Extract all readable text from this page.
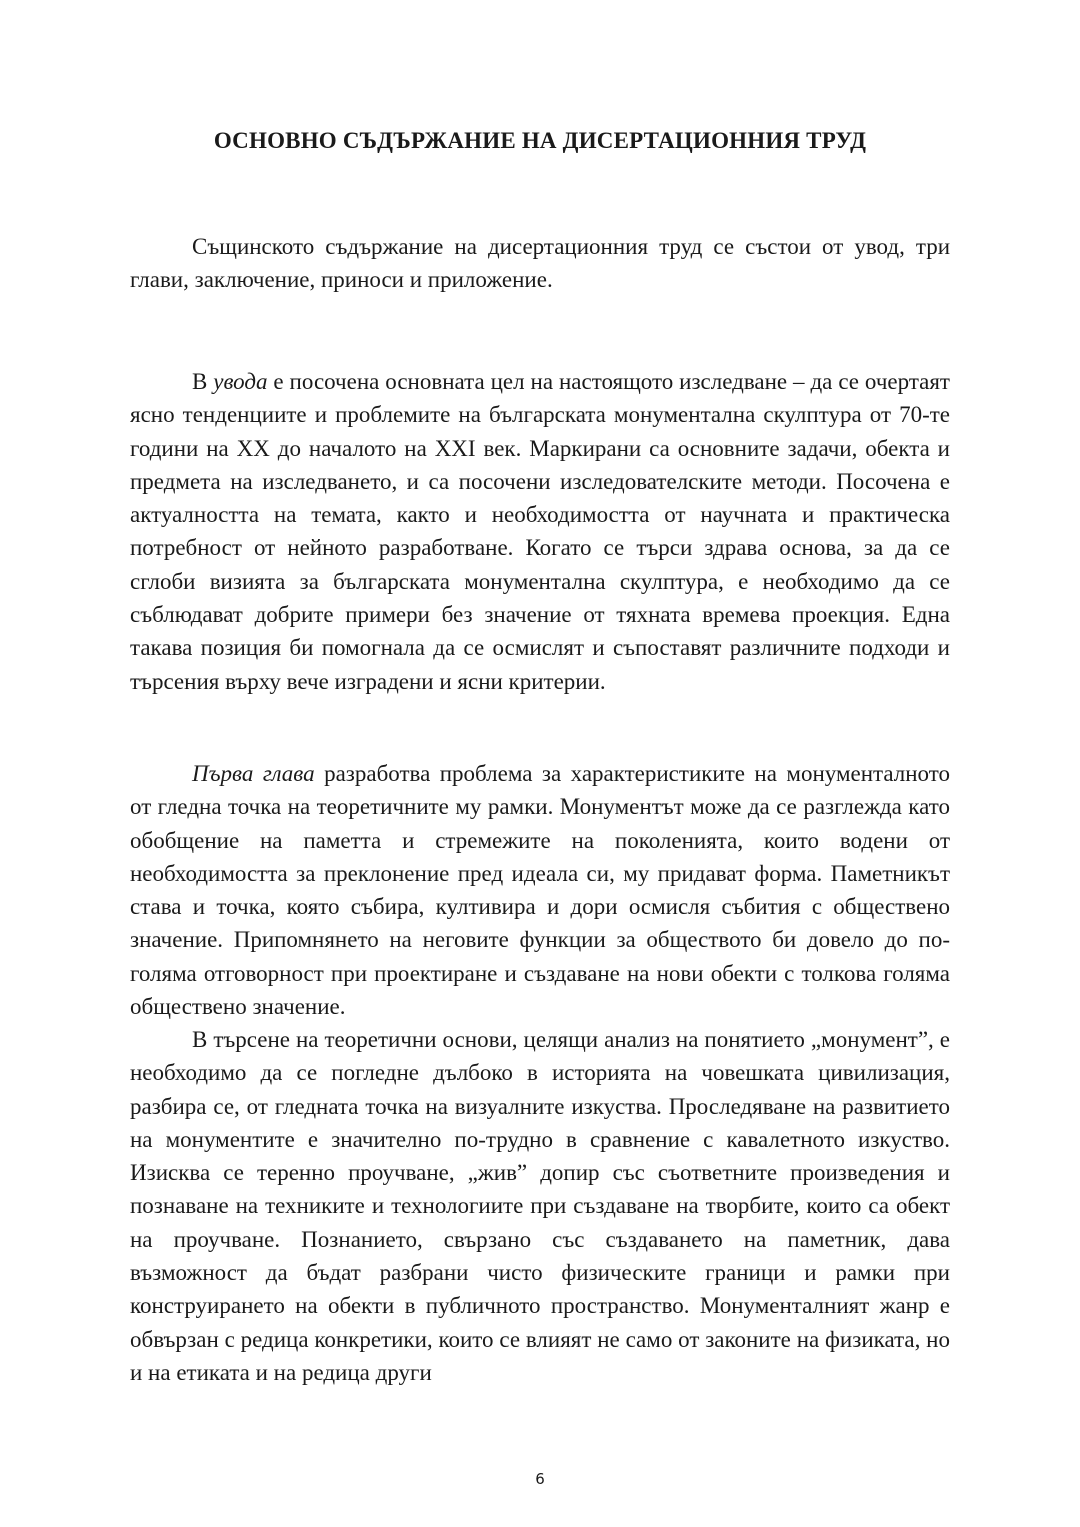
ОСНОВНО СЪДЪРЖАНИЕ НА ДИСЕРТАЦИОННИЯ ТРУД

Същинското съдържание на дисертационния труд се състои от увод, три глави, заключение, приноси и приложение.

В увода е посочена основната цел на настоящото изследване – да се очертаят ясно тенденциите и проблемите на българската монументална скулптура от 70-те години на ХХ до началото на ХХІ век. Маркирани са основните задачи, обекта и предмета на изследването, и са посочени изследователските методи. Посочена е актуалността на темата, както и необходимостта от научната и практическа потребност от нейното разработване. Когато се търси здрава основа, за да се сглоби визията за българската монументална скулптура, е необходимо да се съблюдават добрите примери без значение от тяхната времева проекция. Една такава позиция би помогнала да се осмислят и съпоставят различните подходи и търсения върху вече изградени и ясни критерии.

Първа глава разработва проблема за характеристиките на монументалното от гледна точка на теоретичните му рамки. Монументът може да се разглежда като обобщение на паметта и стремежите на поколенията, които водени от необходимостта за преклонение пред идеала си, му придават форма. Паметникът става и точка, която събира, култивира и дори осмисля събития с обществено значение. Припомнянето на неговите функции за обществото би довело до по-голяма отговорност при проектиране и създаване на нови обекти с толкова голяма обществено значение.

В търсене на теоретични основи, целящи анализ на понятието „монумент”, е необходимо да се погледне дълбоко в историята на човешката цивилизация, разбира се, от гледната точка на визуалните изкуства. Проследяване на развитието на монументите е значително по-трудно в сравнение с кавалетното изкуство. Изисква се теренно проучване, „жив” допир със съответните произведения и познаване на техниките и технологиите при създаване на творбите, които са обект на проучване. Познанието, свързано със създаването на паметник, дава възможност да бъдат разбрани чисто физическите граници и рамки при конструирането на обекти в публичното пространство. Монументалният жанр е обвързан с редица конкретики, които се влияят не само от законите на физиката, но и на етиката и на редица други

6
